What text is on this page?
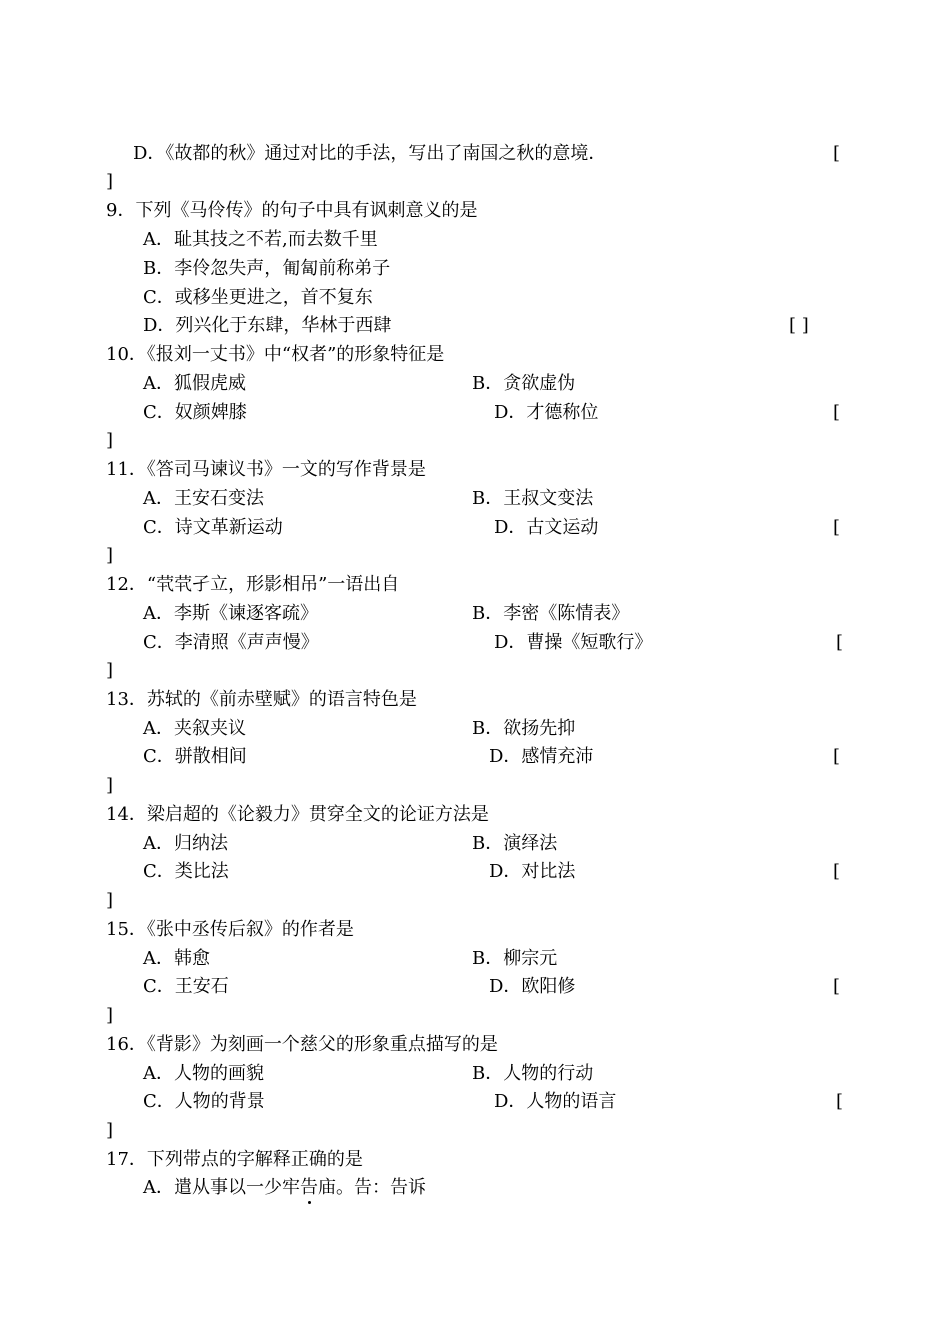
D．《故都的秋》通过对比的手法，写出了南国之秋的意境．	[
]
9．下列《马伶传》的句子中具有讽刺意义的是
A．耻其技之不若,而去数千里
B．李伶忽失声，匍匐前称弟子
C．或移坐更进之，首不复东
D．列兴化于东肆，华林于西肆	[ ]
10．《报刘一丈书》中“权者”的形象特征是
A．狐假虎威	B．贪欲虚伪
C．奴颜婢膝	D．才德称位	[
]
11．《答司马谏议书》一文的写作背景是
A．王安石变法	B．王叔文变法
C．诗文革新运动	D．古文运动	[
]
12．“茕茕孑立，形影相吊”一语出自
A．李斯《谏逐客疏》	B．李密《陈情表》
C．李清照《声声慢》	D．曹操《短歌行》	[
]
13．苏轼的《前赤壁赋》的语言特色是
A．夹叙夹议	B．欲扬先抑
C．骈散相间	D．感情充沛	[
]
14．梁启超的《论毅力》贯穿全文的论证方法是
A．归纳法	B．演绎法
C．类比法	D．对比法	[
]
15．《张中丞传后叙》的作者是
A．韩愈	B．柳宗元
C．王安石	D．欧阳修	[
]
16．《背影》为刻画一个慈父的形象重点描写的是
A．人物的画貌	B．人物的行动
C．人物的背景	D．人物的语言	[
]
17．下列带点的字解释正确的是
A．遣从事以一少牢告庙。告：告诉
